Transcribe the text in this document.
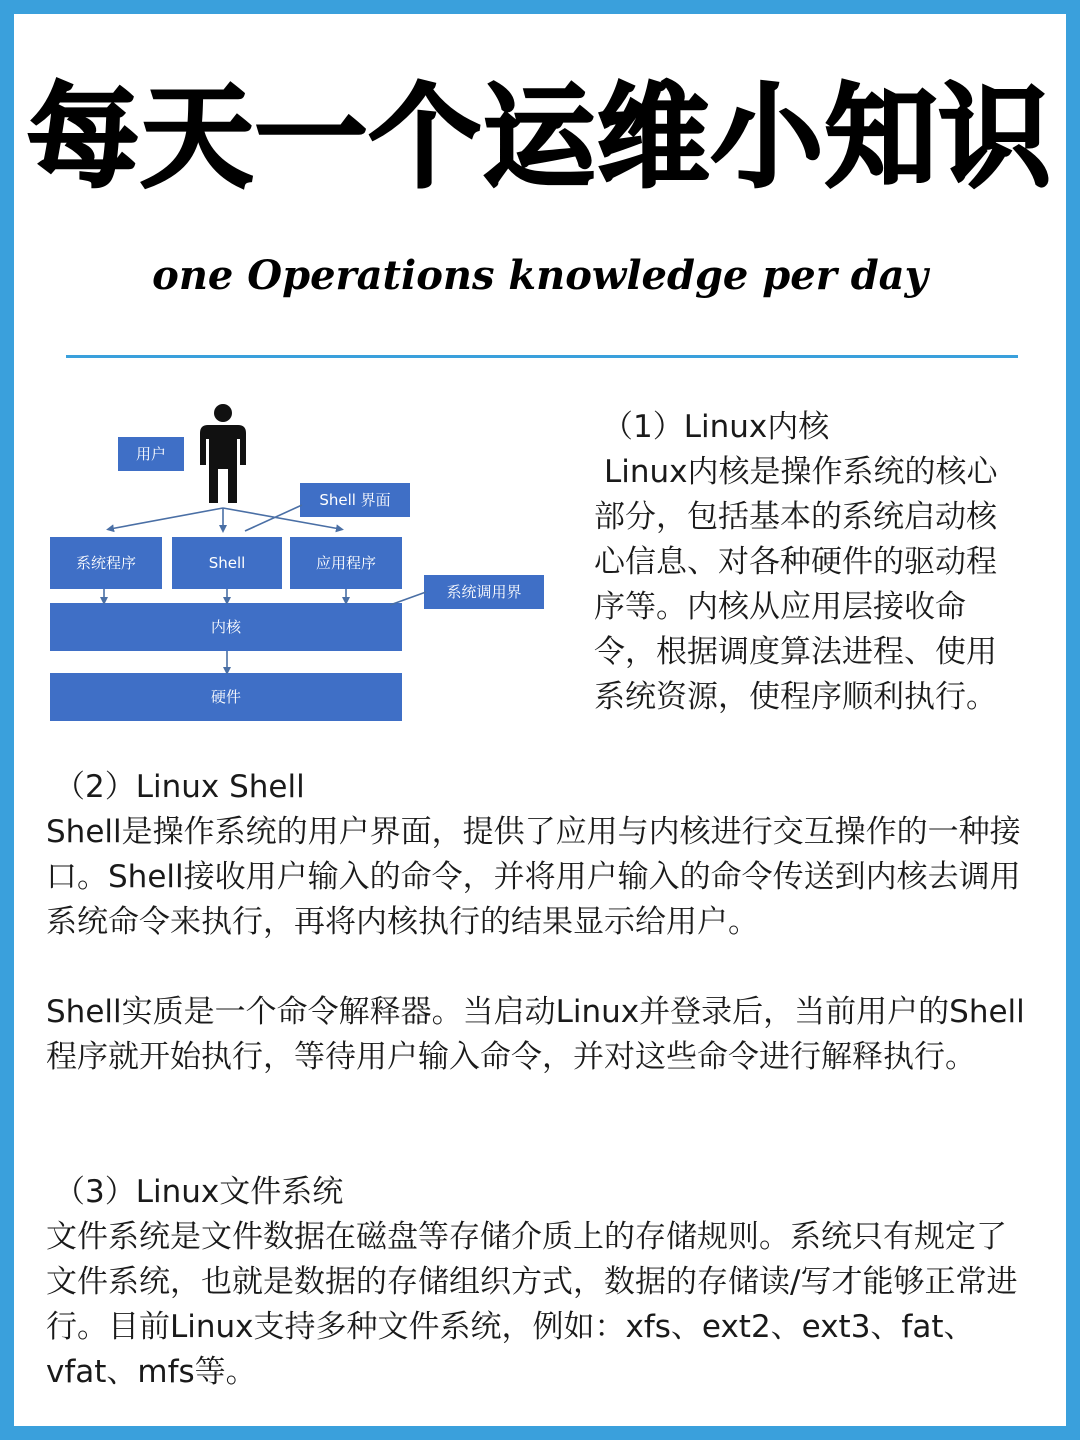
每天一个运维小知识
one Operations knowledge per day
用户
Shell 界面
系统程序	Shell	应用程序
系统调用界
内核
硬件
（1）Linux内核
Linux内核是操作系统的核心部分，包括基本的系统启动核心信息、对各种硬件的驱动程序等。内核从应用层接收命令，根据调度算法进程、使用系统资源，使程序顺利执行。
（2）Linux Shell
Shell是操作系统的用户界面，提供了应用与内核进行交互操作的一种接口。Shell接收用户输入的命令，并将用户输入的命令传送到内核去调用系统命令来执行，再将内核执行的结果显示给用户。
Shell实质是一个命令解释器。当启动Linux并登录后，当前用户的Shell程序就开始执行，等待用户输入命令，并对这些命令进行解释执行。
（3）Linux文件系统
文件系统是文件数据在磁盘等存储介质上的存储规则。系统只有规定了文件系统，也就是数据的存储组织方式，数据的存储读/写才能够正常进行。目前Linux支持多种文件系统，例如：xfs、ext2、ext3、fat、vfat、mfs等。
